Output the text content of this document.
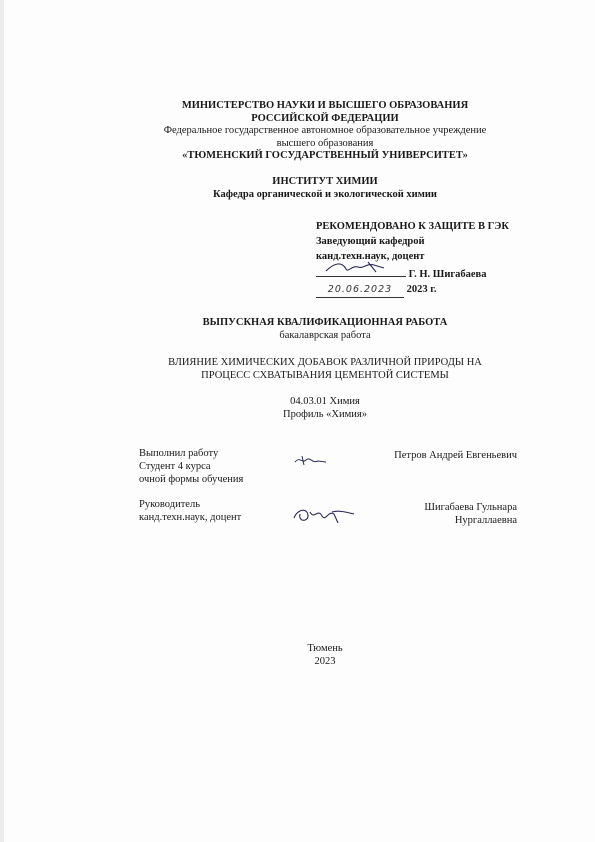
МИНИСТЕРСТВО НАУКИ И ВЫСШЕГО ОБРАЗОВАНИЯ
РОССИЙСКОЙ ФЕДЕРАЦИИ
Федеральное государственное автономное образовательное учреждение
высшего образования
«ТЮМЕНСКИЙ ГОСУДАРСТВЕННЫЙ УНИВЕРСИТЕТ»
ИНСТИТУТ ХИМИИ
Кафедра органической и экологической химии
РЕКОМЕНДОВАНО К ЗАЩИТЕ В ГЭК
Заведующий кафедрой
канд.техн.наук, доцент
Г. Н. Шигабаева
20.06.2023 2023 г.
ВЫПУСКНАЯ КВАЛИФИКАЦИОННАЯ РАБОТА
бакалаврская работа
ВЛИЯНИЕ ХИМИЧЕСКИХ ДОБАВОК РАЗЛИЧНОЙ ПРИРОДЫ НА
ПРОЦЕСС СХВАТЫВАНИЯ ЦЕМЕНТОЙ СИСТЕМЫ
04.03.01 Химия
Профиль «Химия»
Выполнил работу
Студент 4 курса
очной формы обучения
Петров Андрей Евгеньевич
Руководитель
канд.техн.наук, доцент
Шигабаева Гульнара
Нургаллаевна
Тюмень
2023
